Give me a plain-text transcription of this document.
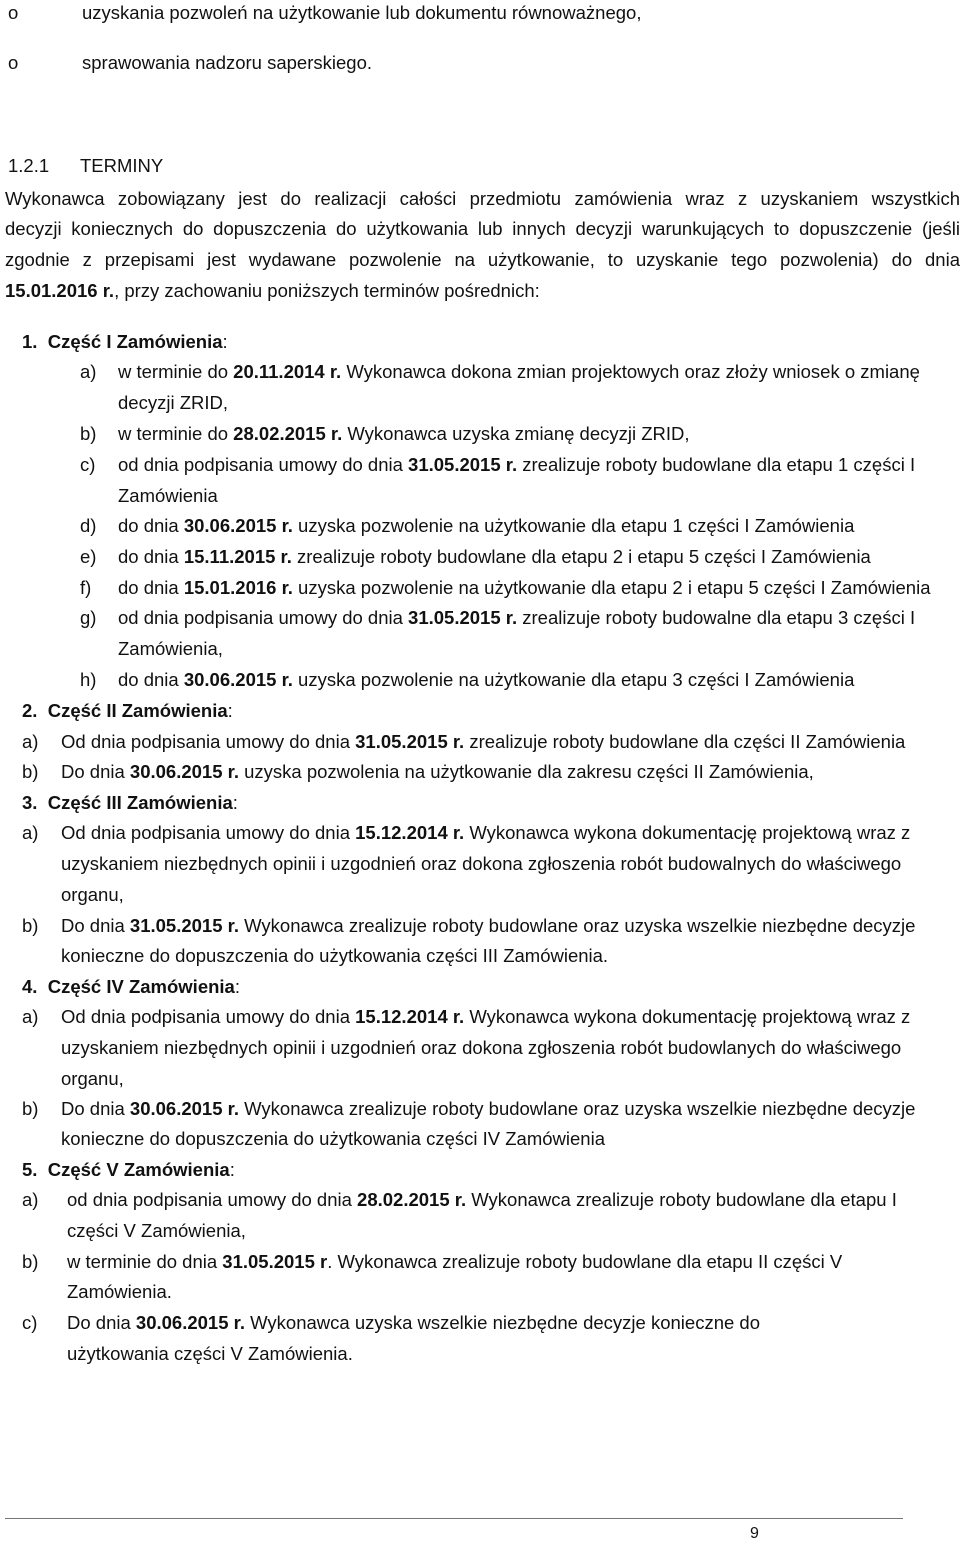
o	uzyskania pozwoleń na użytkowanie lub dokumentu równoważnego,
o	sprawowania nadzoru saperskiego.
1.2.1 TERMINY
Wykonawca zobowiązany jest do realizacji całości przedmiotu zamówienia wraz z uzyskaniem wszystkich
decyzji koniecznych do dopuszczenia do użytkowania lub innych decyzji warunkujących to dopuszczenie (jeśli
zgodnie z przepisami jest wydawane pozwolenie na użytkowanie, to uzyskanie tego pozwolenia) do dnia
15.01.2016 r., przy zachowaniu poniższych terminów pośrednich:
1. Część I Zamówienia:
a) w terminie do 20.11.2014 r. Wykonawca dokona zmian projektowych oraz złoży wniosek o zmianę
decyzji ZRID,
b) w terminie do 28.02.2015 r. Wykonawca uzyska zmianę decyzji ZRID,
c) od dnia podpisania umowy do dnia 31.05.2015 r. zrealizuje roboty budowlane dla etapu 1 części I
Zamówienia
d) do dnia 30.06.2015 r. uzyska pozwolenie na użytkowanie dla etapu 1 części I Zamówienia
e) do dnia 15.11.2015 r. zrealizuje roboty budowlane dla etapu 2 i etapu 5 części I Zamówienia
f) do dnia 15.01.2016 r. uzyska pozwolenie na użytkowanie dla etapu 2 i etapu 5 części I Zamówienia
g) od dnia podpisania umowy do dnia 31.05.2015 r. zrealizuje roboty budowalne dla etapu 3 części I
Zamówienia,
h) do dnia 30.06.2015 r. uzyska pozwolenie na użytkowanie dla etapu 3 części I Zamówienia
2. Część II Zamówienia:
a) Od dnia podpisania umowy do dnia 31.05.2015 r. zrealizuje roboty budowlane dla części II Zamówienia
b) Do dnia 30.06.2015 r. uzyska pozwolenia na użytkowanie dla zakresu części II Zamówienia,
3. Część III Zamówienia:
a) Od dnia podpisania umowy do dnia 15.12.2014 r. Wykonawca wykona dokumentację projektową wraz z
uzyskaniem niezbędnych opinii i uzgodnień oraz dokona zgłoszenia robót budowalnych do właściwego
organu,
b) Do dnia 31.05.2015 r. Wykonawca zrealizuje roboty budowlane oraz uzyska wszelkie niezbędne decyzje
konieczne do dopuszczenia do użytkowania części III Zamówienia.
4. Część IV Zamówienia:
a) Od dnia podpisania umowy do dnia 15.12.2014 r. Wykonawca wykona dokumentację projektową wraz z
uzyskaniem niezbędnych opinii i uzgodnień oraz dokona zgłoszenia robót budowlanych do właściwego
organu,
b) Do dnia 30.06.2015 r. Wykonawca zrealizuje roboty budowlane oraz uzyska wszelkie niezbędne decyzje
konieczne do dopuszczenia do użytkowania części IV Zamówienia
5. Część V Zamówienia:
a) od dnia podpisania umowy do dnia 28.02.2015 r. Wykonawca zrealizuje roboty budowlane dla etapu I
części V Zamówienia,
b) w terminie do dnia 31.05.2015 r. Wykonawca zrealizuje roboty budowlane dla etapu II części V
Zamówienia.
c) Do dnia 30.06.2015 r. Wykonawca uzyska wszelkie niezbędne decyzje konieczne do
użytkowania części V Zamówienia.
9
